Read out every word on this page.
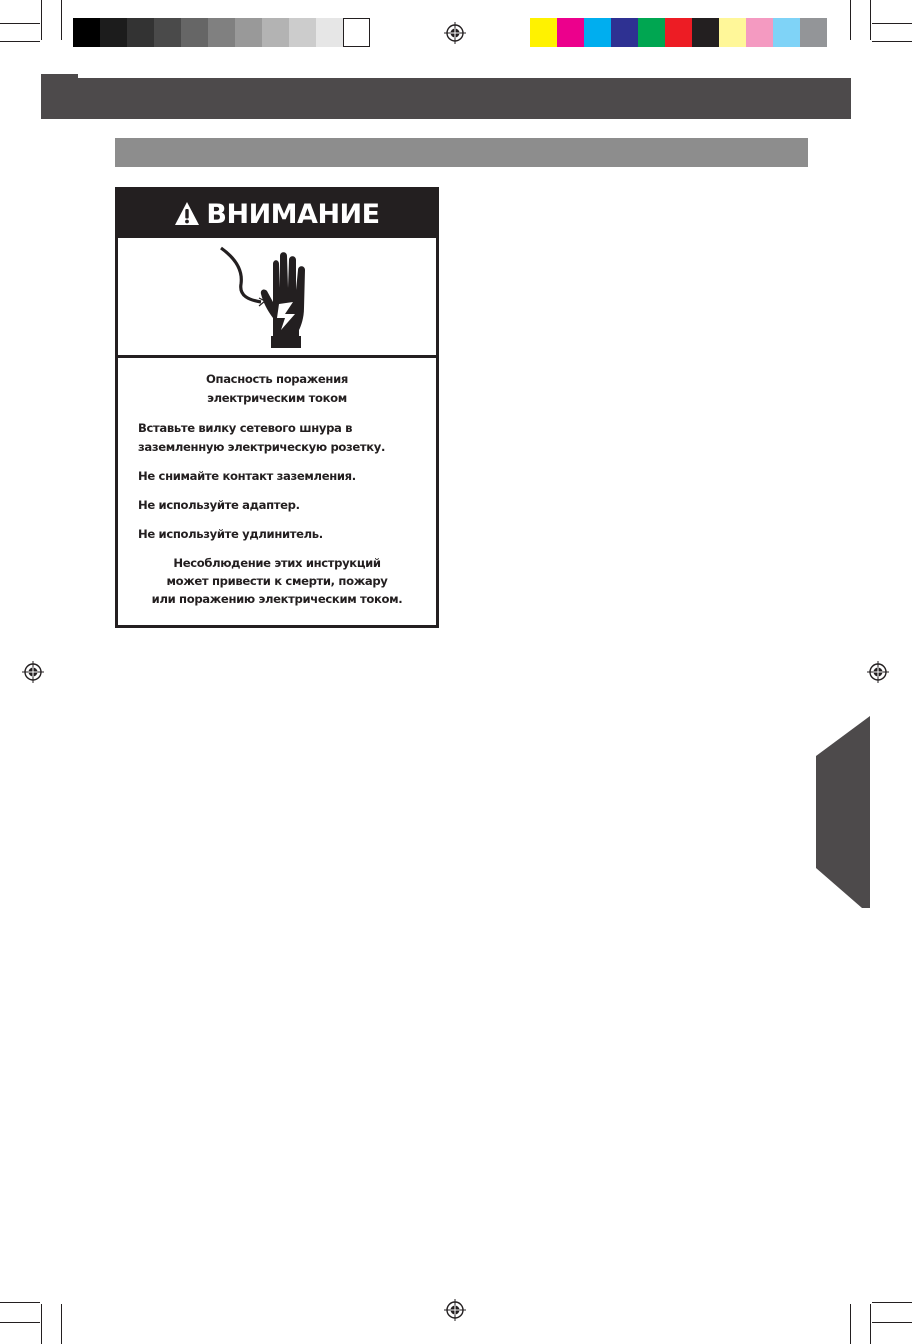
ВНИМАНИЕ
Опасность поражения
электрическим током
Вставьте вилку сетевого шнура в
заземленную электрическую розетку.
Не снимайте контакт заземления.
Не используйте адаптер.
Не используйте удлинитель.
Несоблюдение этих инструкций
может привести к смерти, пожару
или поражению электрическим током.
